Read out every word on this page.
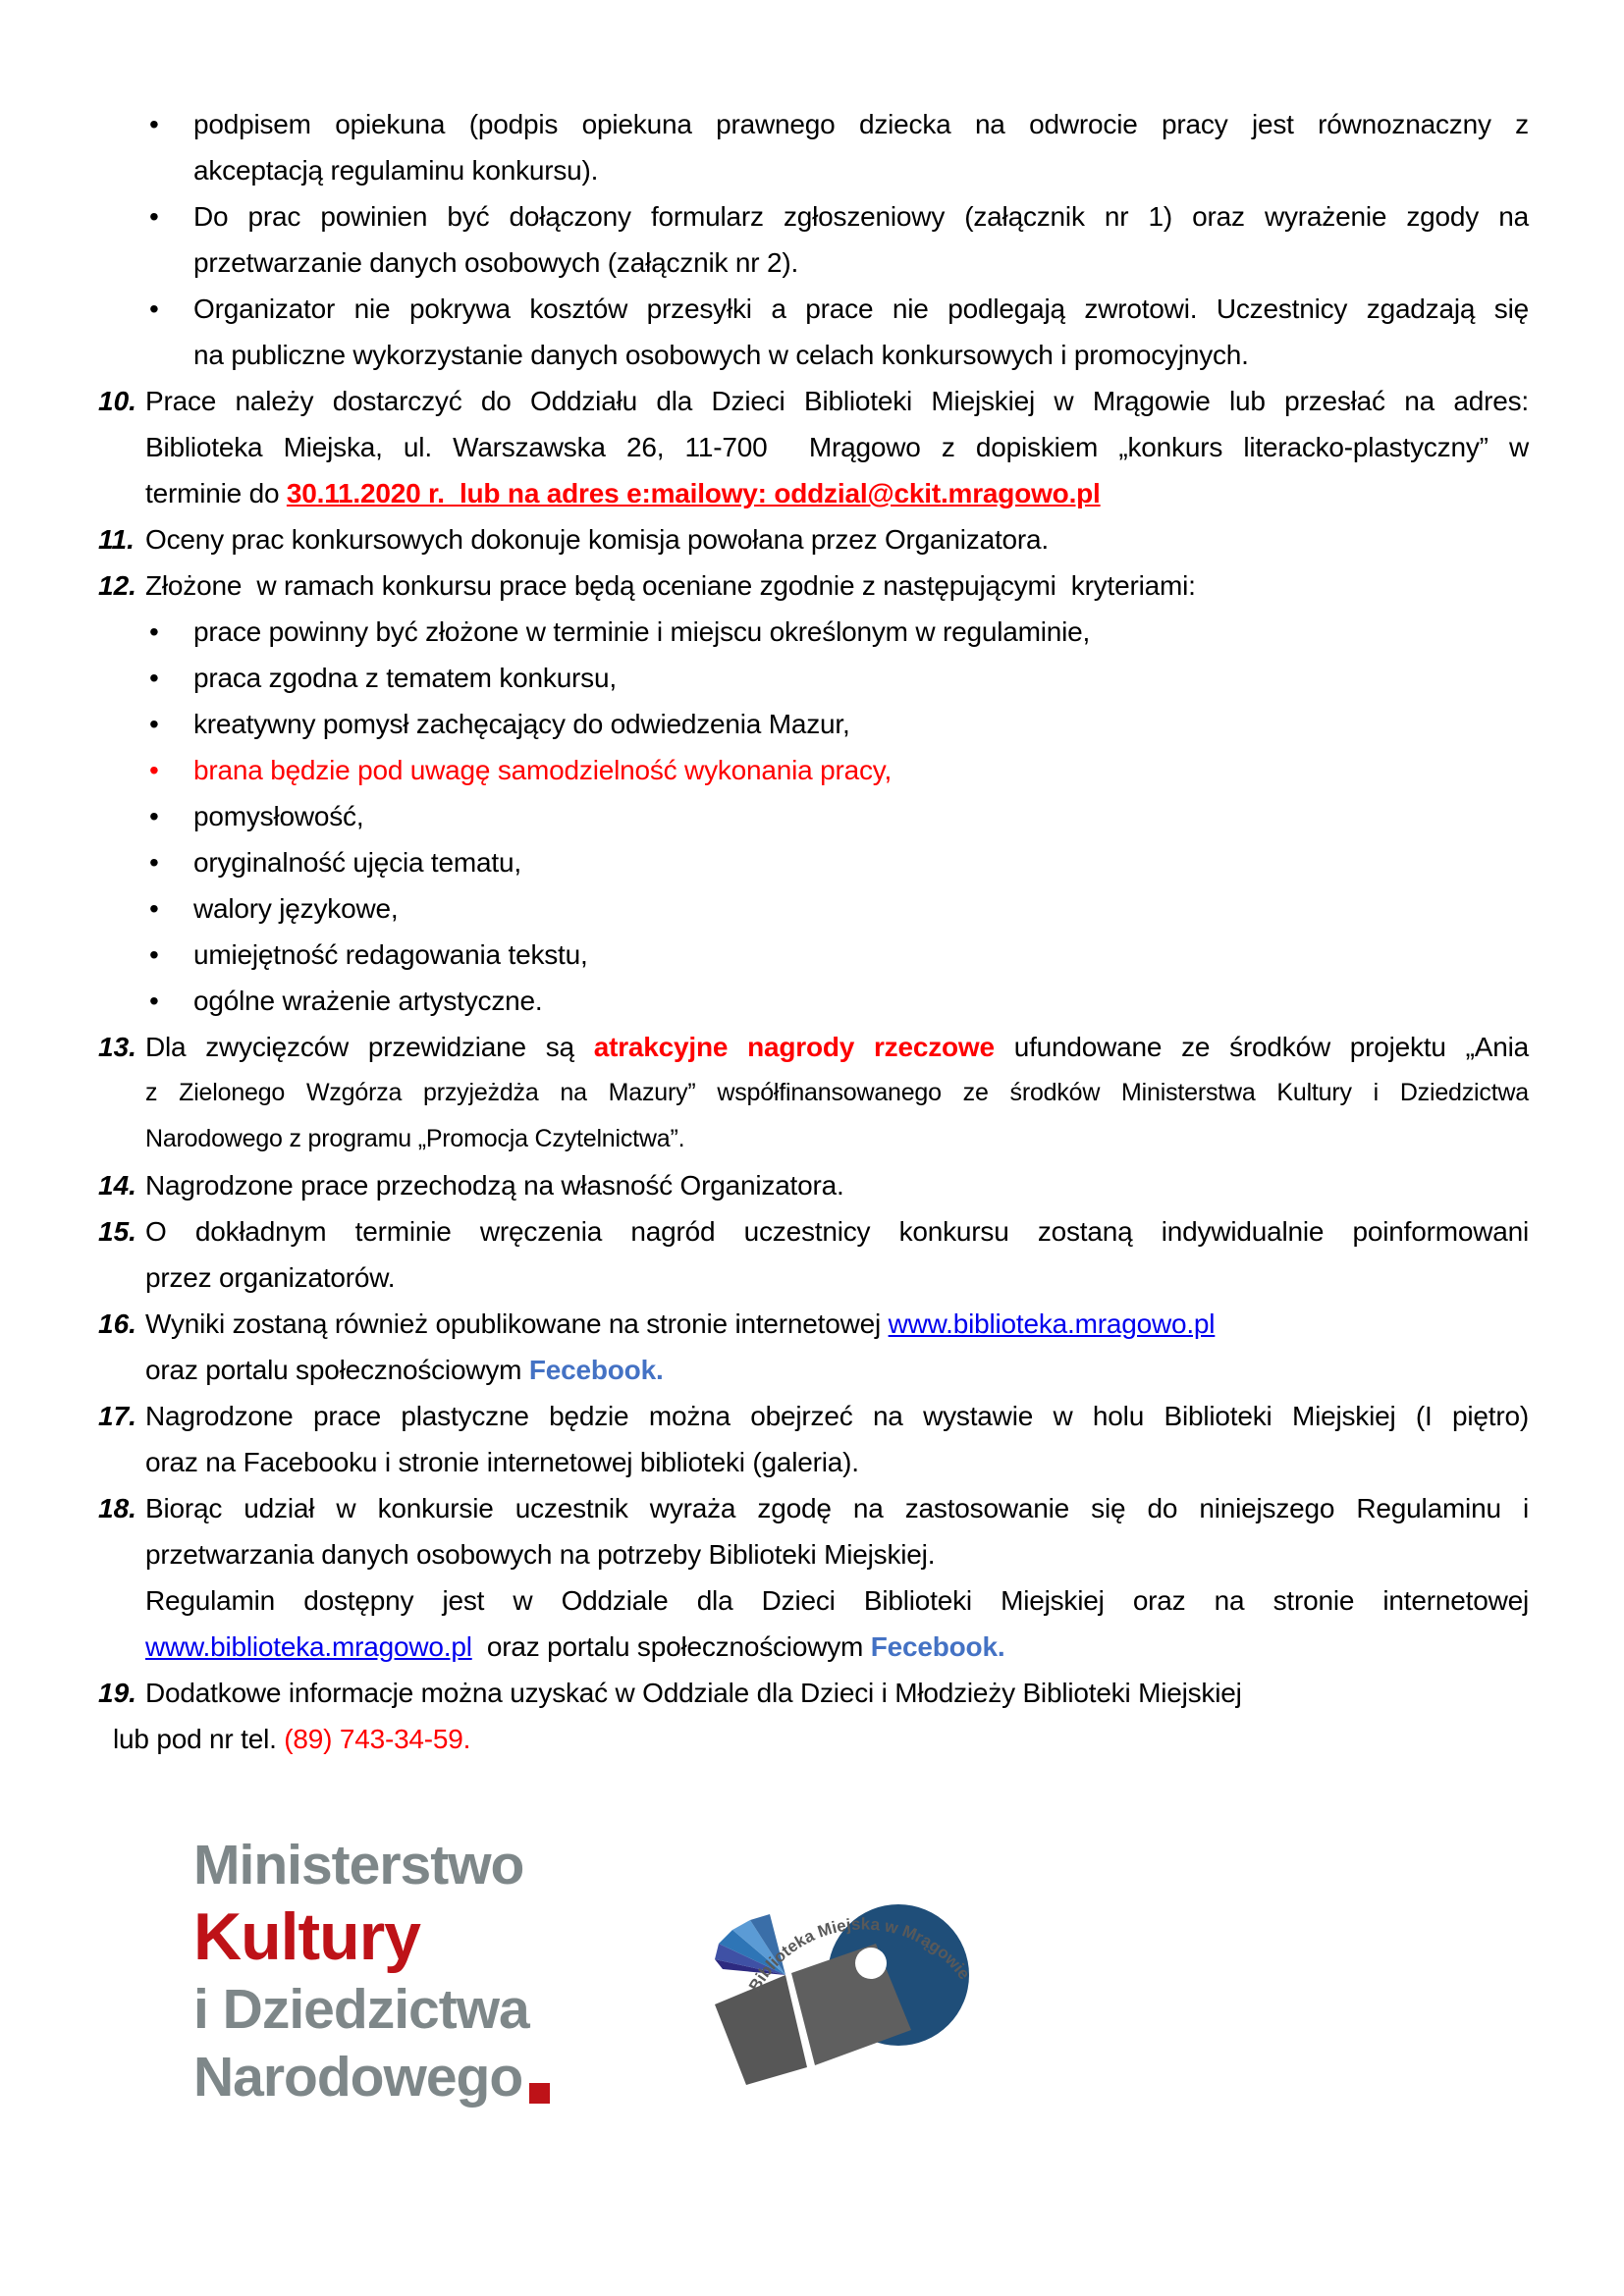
•	podpisem opiekuna (podpis opiekuna prawnego dziecka na odwrocie pracy jest równoznaczny z
akceptacją regulaminu konkursu).
•	Do prac powinien być dołączony formularz zgłoszeniowy (załącznik nr 1) oraz wyrażenie zgody na
przetwarzanie danych osobowych (załącznik nr 2).
•	Organizator nie pokrywa kosztów przesyłki a prace nie podlegają zwrotowi. Uczestnicy zgadzają się
na publiczne wykorzystanie danych osobowych w celach konkursowych i promocyjnych.
10. Prace należy dostarczyć do Oddziału dla Dzieci Biblioteki Miejskiej w Mrągowie lub przesłać na adres:
Biblioteka Miejska, ul. Warszawska 26, 11-700  Mrągowo z dopiskiem „konkurs literacko-plastyczny” w
terminie do 30.11.2020 r.  lub na adres e:mailowy: oddzial@ckit.mragowo.pl
11. Oceny prac konkursowych dokonuje komisja powołana przez Organizatora.
12. Złożone  w ramach konkursu prace będą oceniane zgodnie z następującymi  kryteriami:
•	prace powinny być złożone w terminie i miejscu określonym w regulaminie,
•	praca zgodna z tematem konkursu,
•	kreatywny pomysł zachęcający do odwiedzenia Mazur,
•	brana będzie pod uwagę samodzielność wykonania pracy,
•	pomysłowość,
•	oryginalność ujęcia tematu,
•	walory językowe,
•	umiejętność redagowania tekstu,
•	ogólne wrażenie artystyczne.
13. Dla zwycięzców przewidziane są atrakcyjne nagrody rzeczowe ufundowane ze środków projektu „Ania
z Zielonego Wzgórza przyjeżdża na Mazury” współfinansowanego ze środków Ministerstwa Kultury i Dziedzictwa
Narodowego z programu „Promocja Czytelnictwa”.
14. Nagrodzone prace przechodzą na własność Organizatora.
15. O dokładnym terminie wręczenia nagród uczestnicy konkursu zostaną indywidualnie poinformowani
przez organizatorów.
16. Wyniki zostaną również opublikowane na stronie internetowej www.biblioteka.mragowo.pl
oraz portalu społecznościowym Fecebook.
17. Nagrodzone prace plastyczne będzie można obejrzeć na wystawie w holu Biblioteki Miejskiej (I piętro)
oraz na Facebooku i stronie internetowej biblioteki (galeria).
18. Biorąc udział w konkursie uczestnik wyraża zgodę na zastosowanie się do niniejszego Regulaminu i
przetwarzania danych osobowych na potrzeby Biblioteki Miejskiej.
Regulamin dostępny jest w Oddziale dla Dzieci Biblioteki Miejskiej oraz na stronie internetowej
www.biblioteka.mragowo.pl  oraz portalu społecznościowym Fecebook.
19. Dodatkowe informacje można uzyskać w Oddziale dla Dzieci i Młodzieży Biblioteki Miejskiej
lub pod nr tel. (89) 743-34-59.
Ministerstwo
Kultury
i Dziedzictwa
Narodowego
Biblioteka Miejska w Mrągowie
